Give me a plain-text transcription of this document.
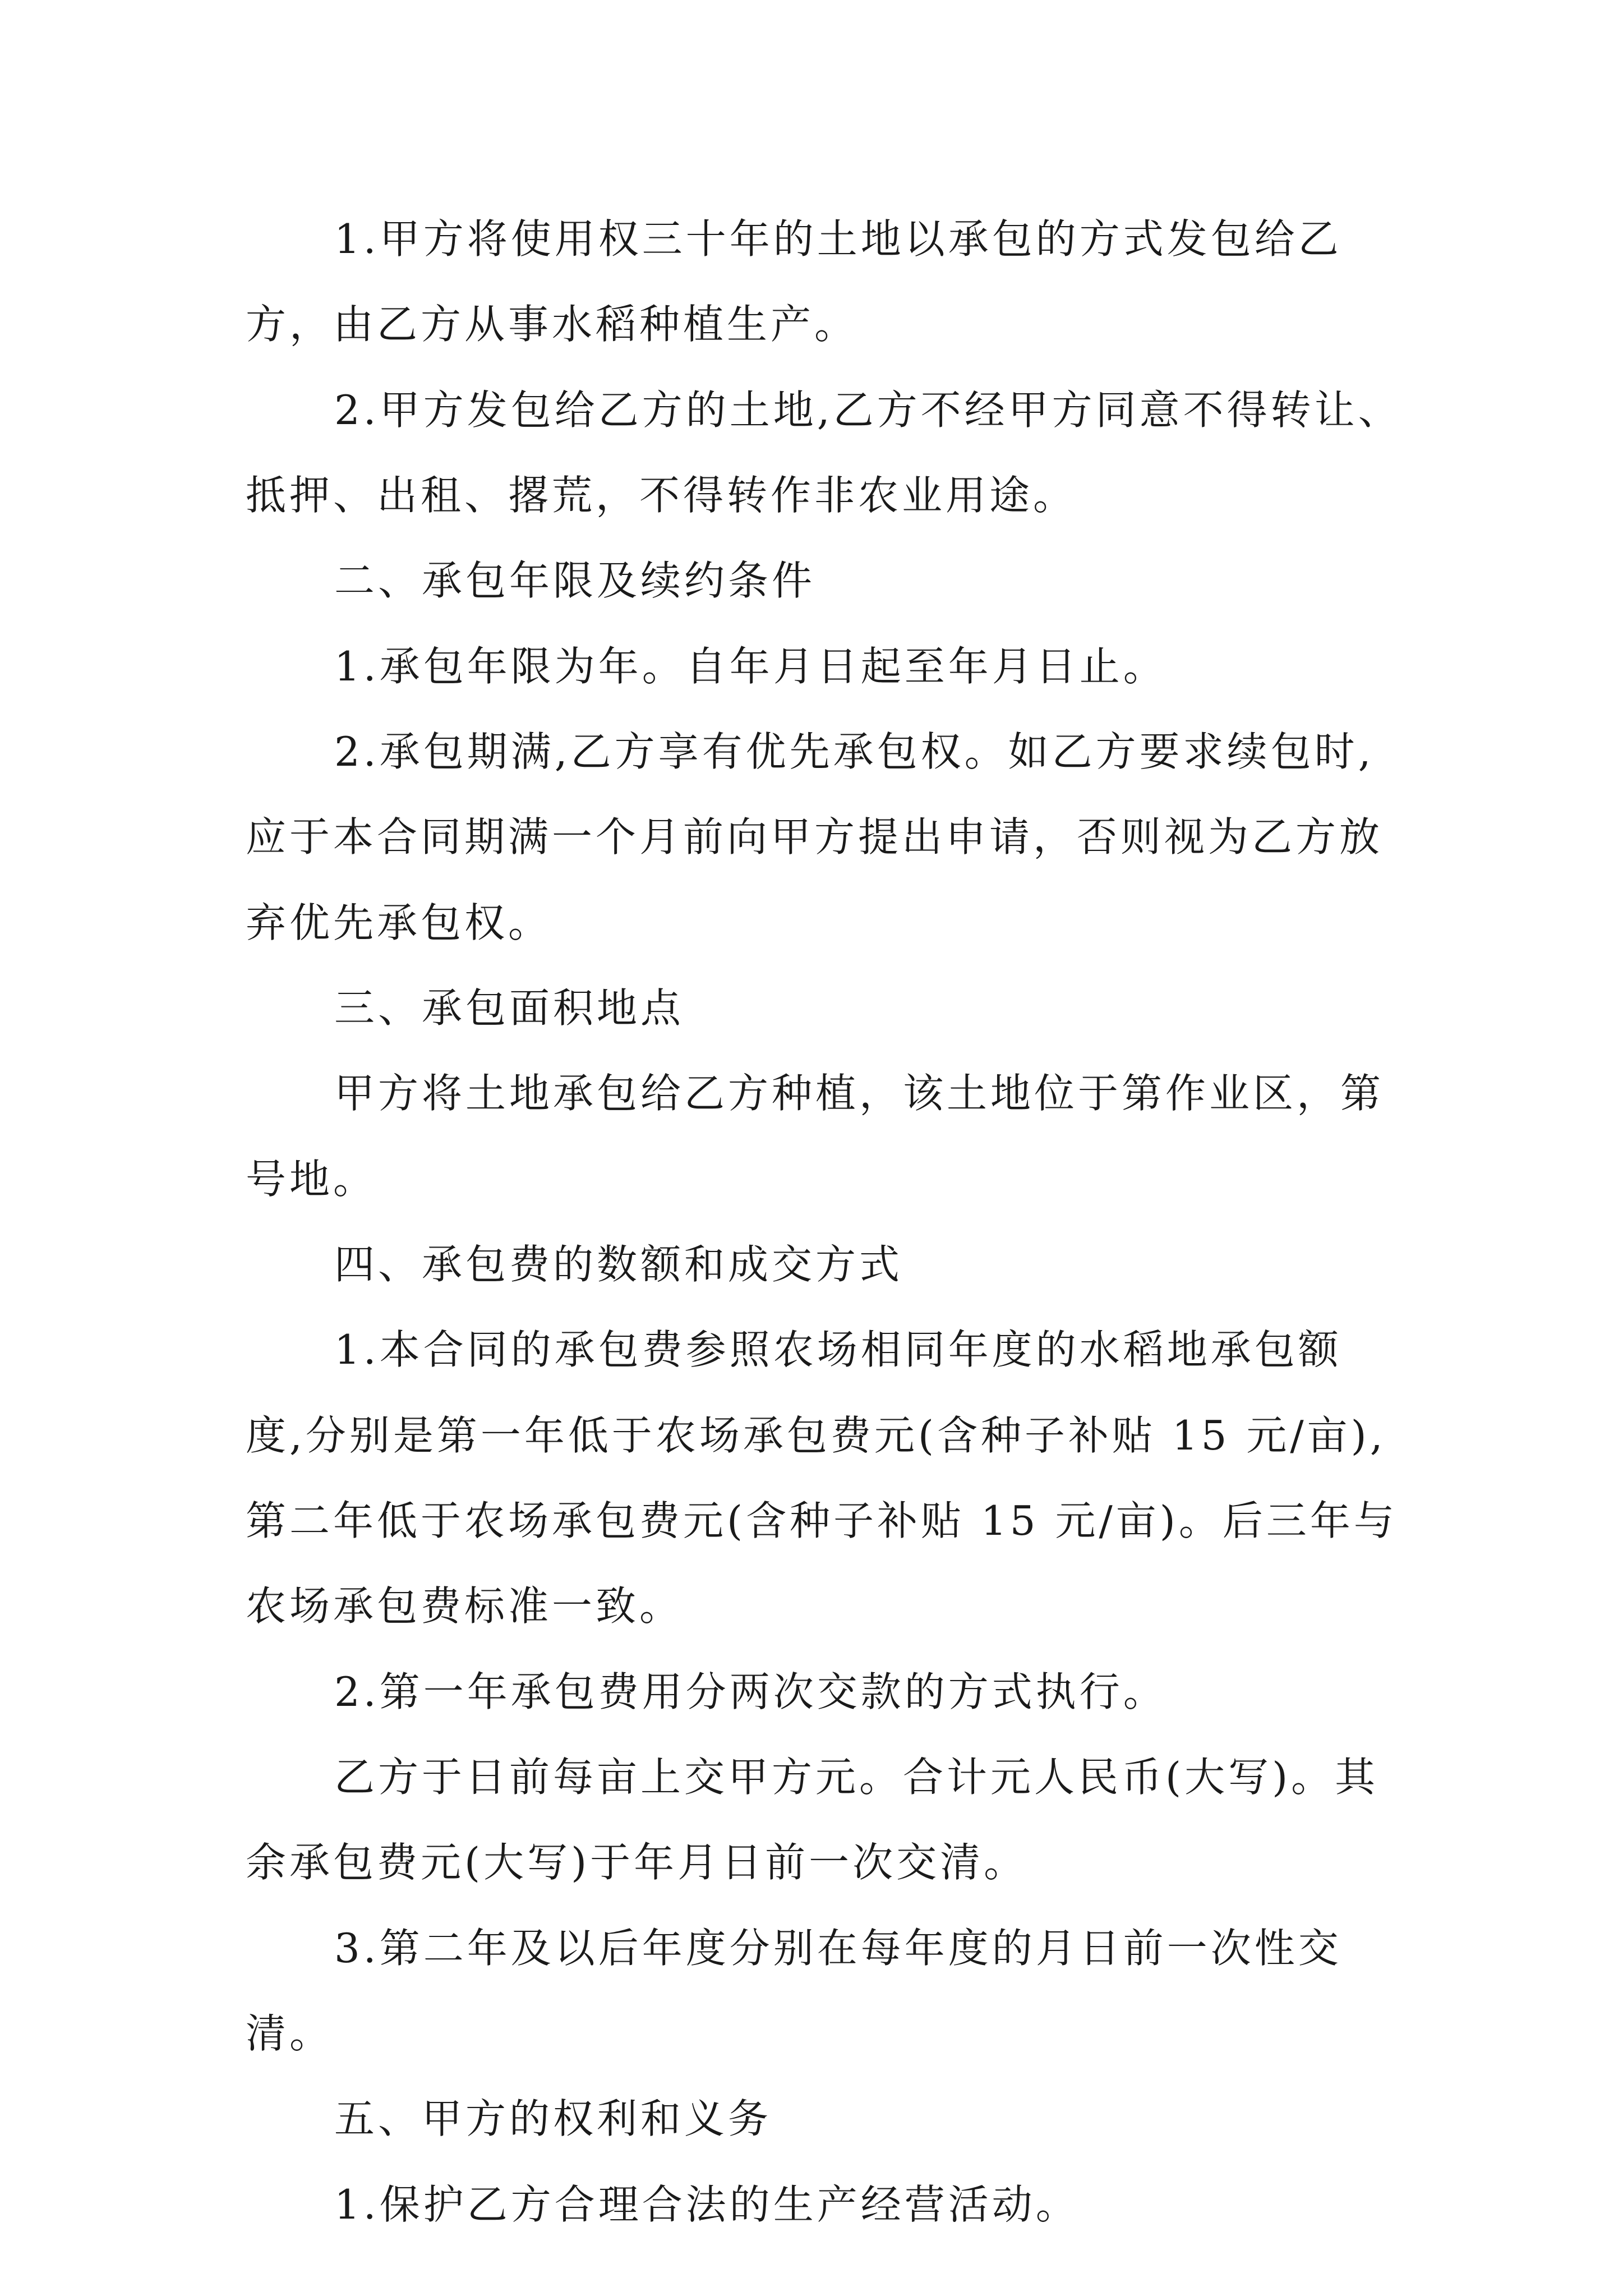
1.甲方将使用权三十年的土地以承包的方式发包给乙
方，由乙方从事水稻种植生产。
2.甲方发包给乙方的土地,乙方不经甲方同意不得转让、
抵押、出租、撂荒，不得转作非农业用途。
二、承包年限及续约条件
1.承包年限为年。自年月日起至年月日止。
2.承包期满,乙方享有优先承包权。如乙方要求续包时,
应于本合同期满一个月前向甲方提出申请，否则视为乙方放
弃优先承包权。
三、承包面积地点
甲方将土地承包给乙方种植，该土地位于第作业区，第
号地。
四、承包费的数额和成交方式
1.本合同的承包费参照农场相同年度的水稻地承包额
度,分别是第一年低于农场承包费元(含种子补贴 15 元/亩),
第二年低于农场承包费元(含种子补贴 15 元/亩)。后三年与
农场承包费标准一致。
2.第一年承包费用分两次交款的方式执行。
乙方于日前每亩上交甲方元。合计元人民币(大写)。其
余承包费元(大写)于年月日前一次交清。
3.第二年及以后年度分别在每年度的月日前一次性交
清。
五、甲方的权利和义务
1.保护乙方合理合法的生产经营活动。
